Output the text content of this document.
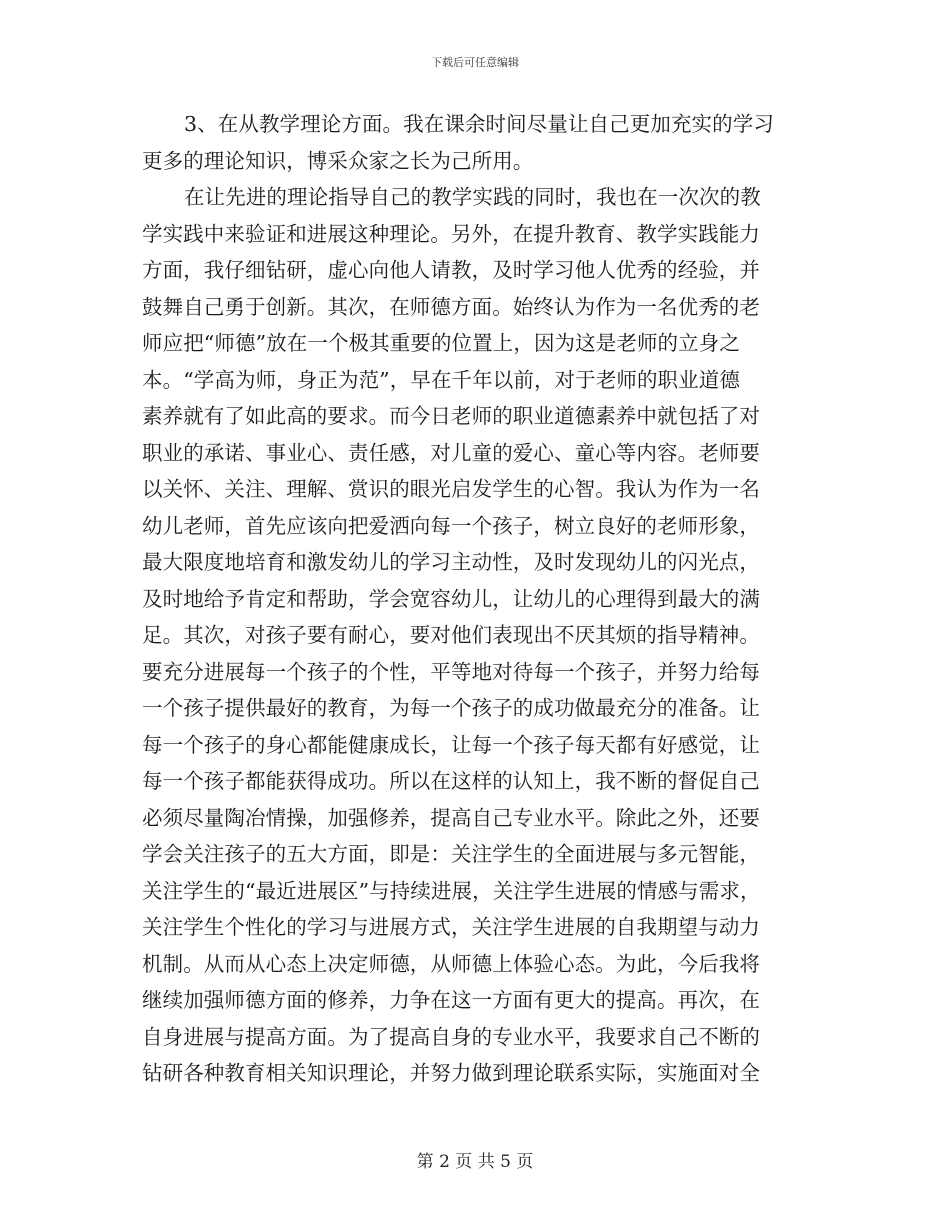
下载后可任意编辑

3、在从教学理论方面。我在课余时间尽量让自己更加充实的学习
更多的理论知识，博采众家之长为己所用。

在让先进的理论指导自己的教学实践的同时，我也在一次次的教
学实践中来验证和进展这种理论。另外，在提升教育、教学实践能力
方面，我仔细钻研，虚心向他人请教，及时学习他人优秀的经验，并
鼓舞自己勇于创新。其次，在师德方面。始终认为作为一名优秀的老
师应把“师德”放在一个极其重要的位置上，因为这是老师的立身之
本。“学高为师，身正为范”，早在千年以前，对于老师的职业道德
素养就有了如此高的要求。而今日老师的职业道德素养中就包括了对
职业的承诺、事业心、责任感，对儿童的爱心、童心等内容。老师要
以关怀、关注、理解、赏识的眼光启发学生的心智。我认为作为一名
幼儿老师，首先应该向把爱洒向每一个孩子，树立良好的老师形象，
最大限度地培育和激发幼儿的学习主动性，及时发现幼儿的闪光点，
及时地给予肯定和帮助，学会宽容幼儿，让幼儿的心理得到最大的满
足。其次，对孩子要有耐心，要对他们表现出不厌其烦的指导精神。
要充分进展每一个孩子的个性，平等地对待每一个孩子，并努力给每
一个孩子提供最好的教育，为每一个孩子的成功做最充分的准备。让
每一个孩子的身心都能健康成长，让每一个孩子每天都有好感觉，让
每一个孩子都能获得成功。所以在这样的认知上，我不断的督促自己
必须尽量陶冶情操，加强修养，提高自己专业水平。除此之外，还要
学会关注孩子的五大方面，即是：关注学生的全面进展与多元智能，
关注学生的“最近进展区”与持续进展，关注学生进展的情感与需求，
关注学生个性化的学习与进展方式，关注学生进展的自我期望与动力
机制。从而从心态上决定师德，从师德上体验心态。为此，今后我将
继续加强师德方面的修养，力争在这一方面有更大的提高。再次，在
自身进展与提高方面。为了提高自身的专业水平，我要求自己不断的
钻研各种教育相关知识理论，并努力做到理论联系实际，实施面对全

第 2 页 共 5 页
